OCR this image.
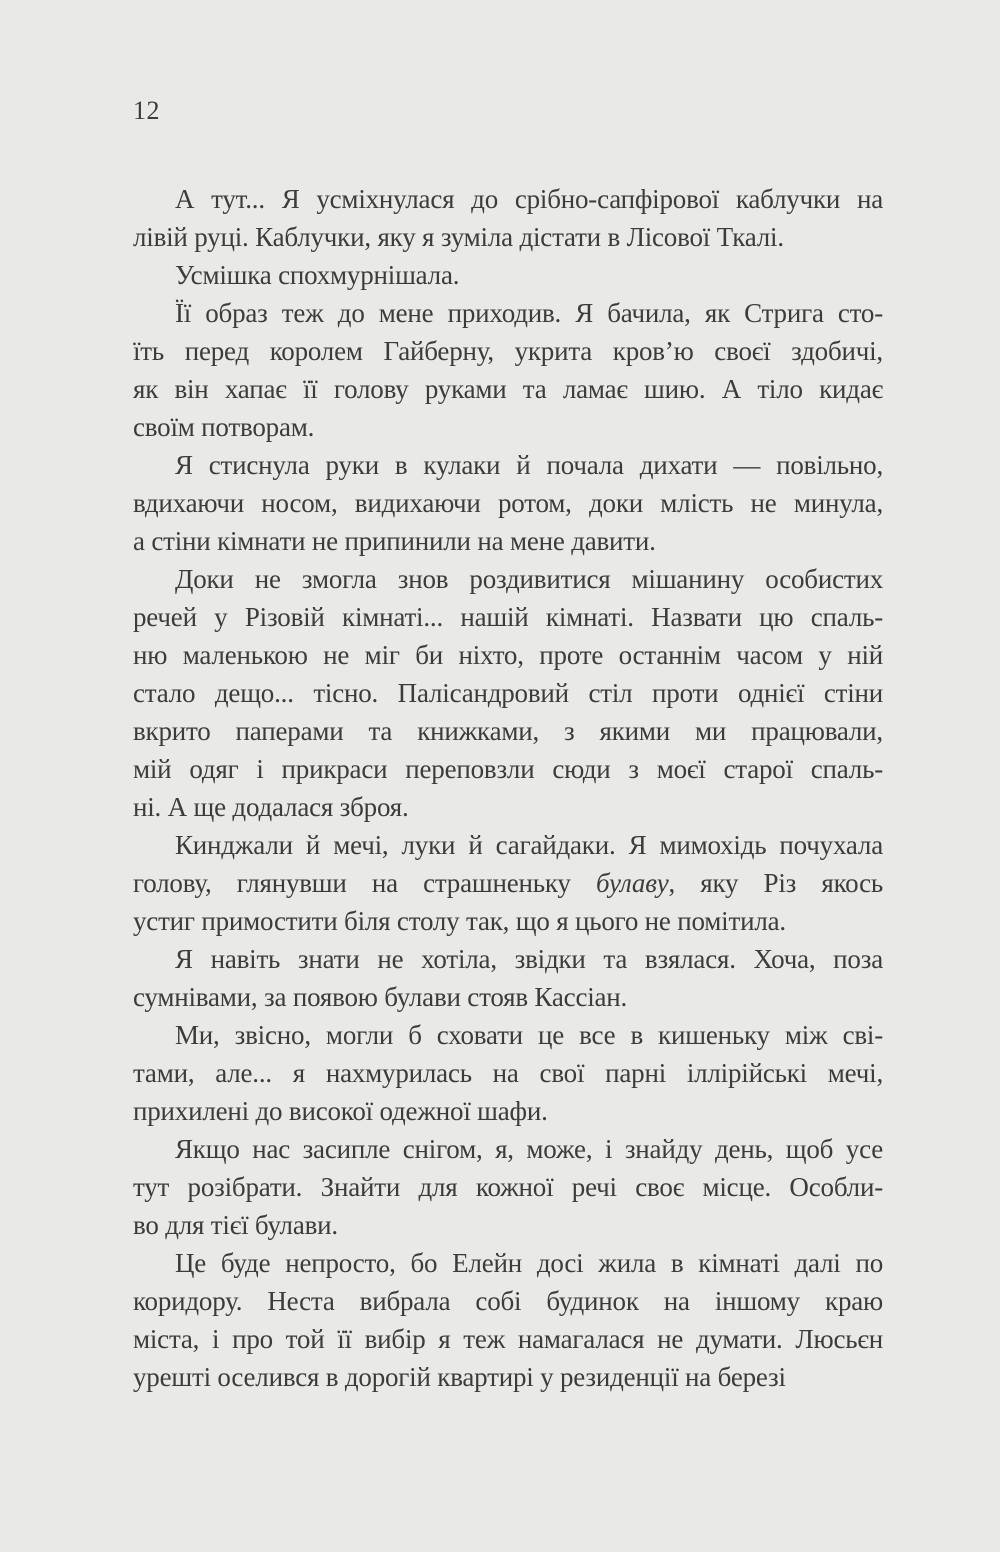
12
А тут... Я усміхнулася до срібно-сапфірової каблучки на
лівій руці. Каблучки, яку я зуміла дістати в Лісової Ткалі.
Усмішка спохмурнішала.
Її образ теж до мене приходив. Я бачила, як Стрига сто-
їть перед королем Гайберну, укрита кров’ю своєї здобичі,
як він хапає її голову руками та ламає шию. А тіло кидає
своїм потворам.
Я стиснула руки в кулаки й почала дихати — повільно,
вдихаючи носом, видихаючи ротом, доки млість не минула,
а стіни кімнати не припинили на мене давити.
Доки не змогла знов роздивитися мішанину особистих
речей у Різовій кімнаті... нашій кімнаті. Назвати цю спаль-
ню маленькою не міг би ніхто, проте останнім часом у ній
стало дещо... тісно. Палісандровий стіл проти однієї стіни
вкрито паперами та книжками, з якими ми працювали,
мій одяг і прикраси переповзли сюди з моєї старої спаль-
ні. А ще додалася зброя.
Кинджали й мечі, луки й сагайдаки. Я мимохідь почухала
голову, глянувши на страшненьку булаву, яку Різ якось
устиг примостити біля столу так, що я цього не помітила.
Я навіть знати не хотіла, звідки та взялася. Хоча, поза
сумнівами, за появою булави стояв Кассіан.
Ми, звісно, могли б сховати це все в кишеньку між сві-
тами, але... я нахмурилась на свої парні іллірійські мечі,
прихилені до високої одежної шафи.
Якщо нас засипле снігом, я, може, і знайду день, щоб усе
тут розібрати. Знайти для кожної речі своє місце. Особли-
во для тієї булави.
Це буде непросто, бо Елейн досі жила в кімнаті далі по
коридору. Неста вибрала собі будинок на іншому краю
міста, і про той її вибір я теж намагалася не думати. Люсьєн
урешті оселився в дорогій квартирі у резиденції на березі
